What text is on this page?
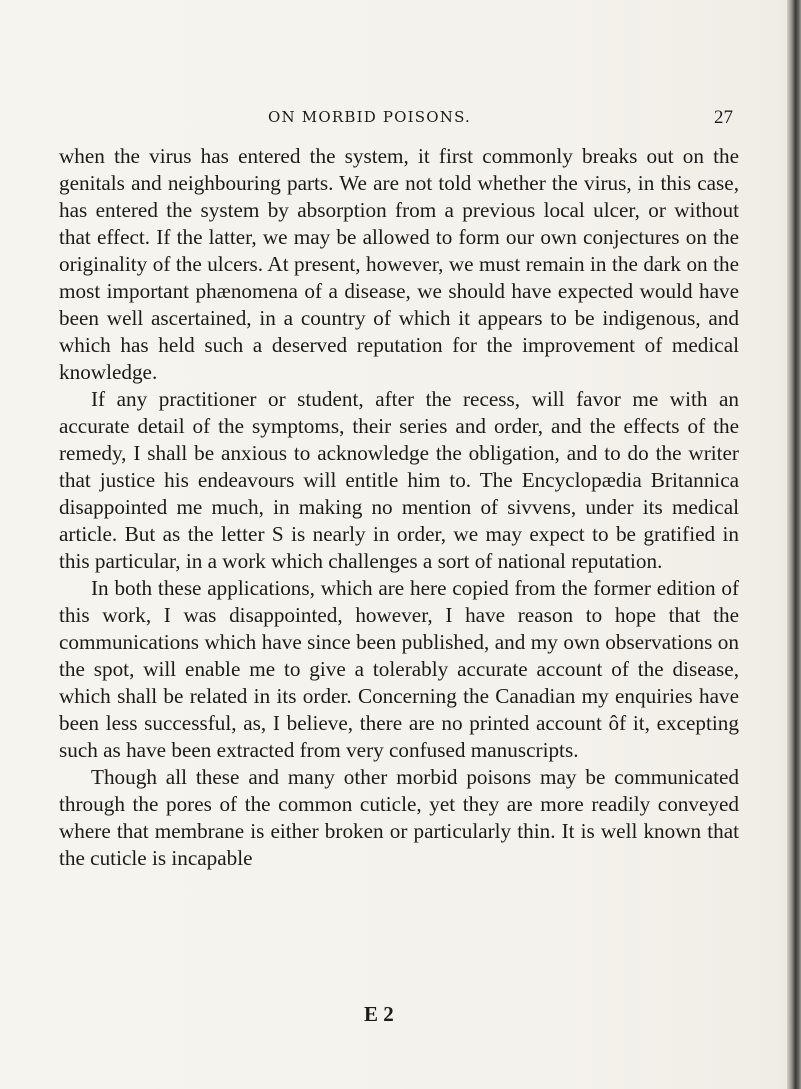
ON MORBID POISONS.	27

when the virus has entered the system, it first commonly breaks out on the genitals and neighbouring parts. We are not told whether the virus, in this case, has entered the system by absorption from a previous local ulcer, or without that effect. If the latter, we may be allowed to form our own conjectures on the originality of the ulcers. At present, however, we must remain in the dark on the most important phænomena of a disease, we should have expected would have been well ascertained, in a country of which it appears to be indigenous, and which has held such a deserved reputation for the improvement of medical knowledge.

If any practitioner or student, after the recess, will favor me with an accurate detail of the symptoms, their series and order, and the effects of the remedy, I shall be anxious to acknowledge the obligation, and to do the writer that justice his endeavours will entitle him to. The Encyclopædia Britannica disappointed me much, in making no mention of sivvens, under its medical article. But as the letter S is nearly in order, we may expect to be gratified in this particular, in a work which challenges a sort of national reputation.

In both these applications, which are here copied from the former edition of this work, I was disappointed, however, I have reason to hope that the communications which have since been published, and my own observations on the spot, will enable me to give a tolerably accurate account of the disease, which shall be related in its order. Concerning the Canadian my enquiries have been less successful, as, I believe, there are no printed account ôf it, excepting such as have been extracted from very confused manuscripts.

Though all these and many other morbid poisons may be communicated through the pores of the common cuticle, yet they are more readily conveyed where that membrane is either broken or particularly thin. It is well known that the cuticle is incapable

E 2
